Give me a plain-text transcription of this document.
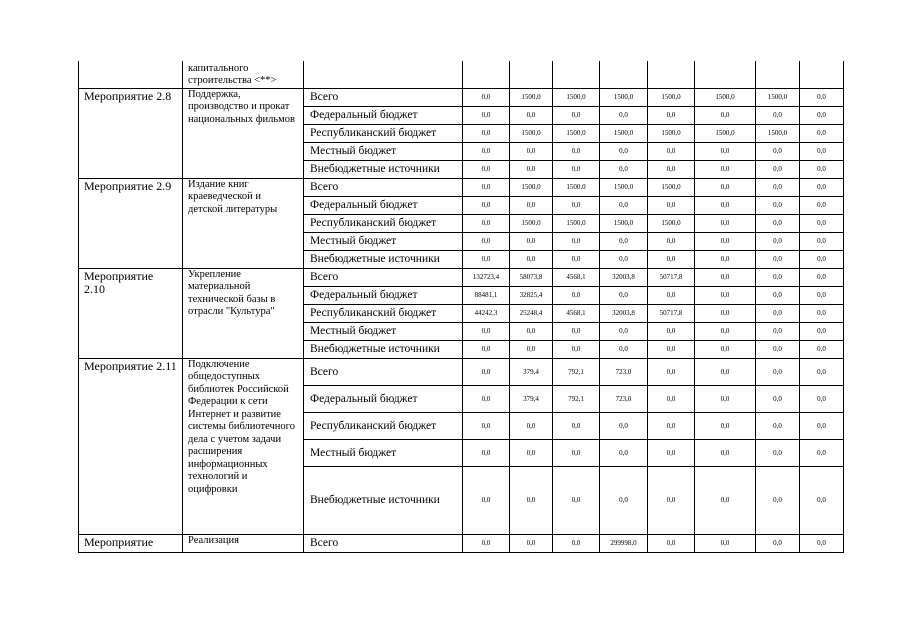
	капитального строительства <**>									
Мероприятие 2.8	Поддержка, производство и прокат национальных фильмов	Всего	0,0	1500,0	1500,0	1500,0	1500,0	1500,0	1500,0	0,0
		Федеральный бюджет	0,0	0,0	0,0	0,0	0,0	0,0	0,0	0,0
		Республиканский бюджет	0,0	1500,0	1500,0	1500,0	1500,0	1500,0	1500,0	0,0
		Местный бюджет	0,0	0,0	0,0	0,0	0,0	0,0	0,0	0,0
		Внебюджетные источники	0,0	0,0	0,0	0,0	0,0	0,0	0,0	0,0
Мероприятие 2.9	Издание книг краеведческой и детской литературы	Всего	0,0	1500,0	1500,0	1500,0	1500,0	0,0	0,0	0,0
		Федеральный бюджет	0,0	0,0	0,0	0,0	0,0	0,0	0,0	0,0
		Республиканский бюджет	0,0	1500,0	1500,0	1500,0	1500,0	0,0	0,0	0,0
		Местный бюджет	0,0	0,0	0,0	0,0	0,0	0,0	0,0	0,0
		Внебюджетные источники	0,0	0,0	0,0	0,0	0,0	0,0	0,0	0,0
Мероприятие 2.10	Укрепление материальной технической базы в отрасли "Культура"	Всего	132723,4	58073,8	4568,1	32003,8	50717,8	0,0	0,0	0,0
		Федеральный бюджет	88481,1	32825,4	0,0	0,0	0,0	0,0	0,0	0,0
		Республиканский бюджет	44242,3	25248,4	4568,1	32003,8	50717,8	0,0	0,0	0,0
		Местный бюджет	0,0	0,0	0,0	0,0	0,0	0,0	0,0	0,0
		Внебюджетные источники	0,0	0,0	0,0	0,0	0,0	0,0	0,0	0,0
Мероприятие 2.11	Подключение общедоступных библиотек Российской Федерации к сети Интернет и развитие системы библиотечного дела с учетом задачи расширения информационных технологий и оцифровки	Всего	0,0	379,4	792,1	723,0	0,0	0,0	0,0	0,0
		Федеральный бюджет	0,0	379,4	792,1	723,0	0,0	0,0	0,0	0,0
		Республиканский бюджет	0,0	0,0	0,0	0,0	0,0	0,0	0,0	0,0
		Местный бюджет	0,0	0,0	0,0	0,0	0,0	0,0	0,0	0,0
		Внебюджетные источники	0,0	0,0	0,0	0,0	0,0	0,0	0,0	0,0
Мероприятие	Реализация	Всего	0,0	0,0	0,0	299998,0	0,0	0,0	0,0	0,0
